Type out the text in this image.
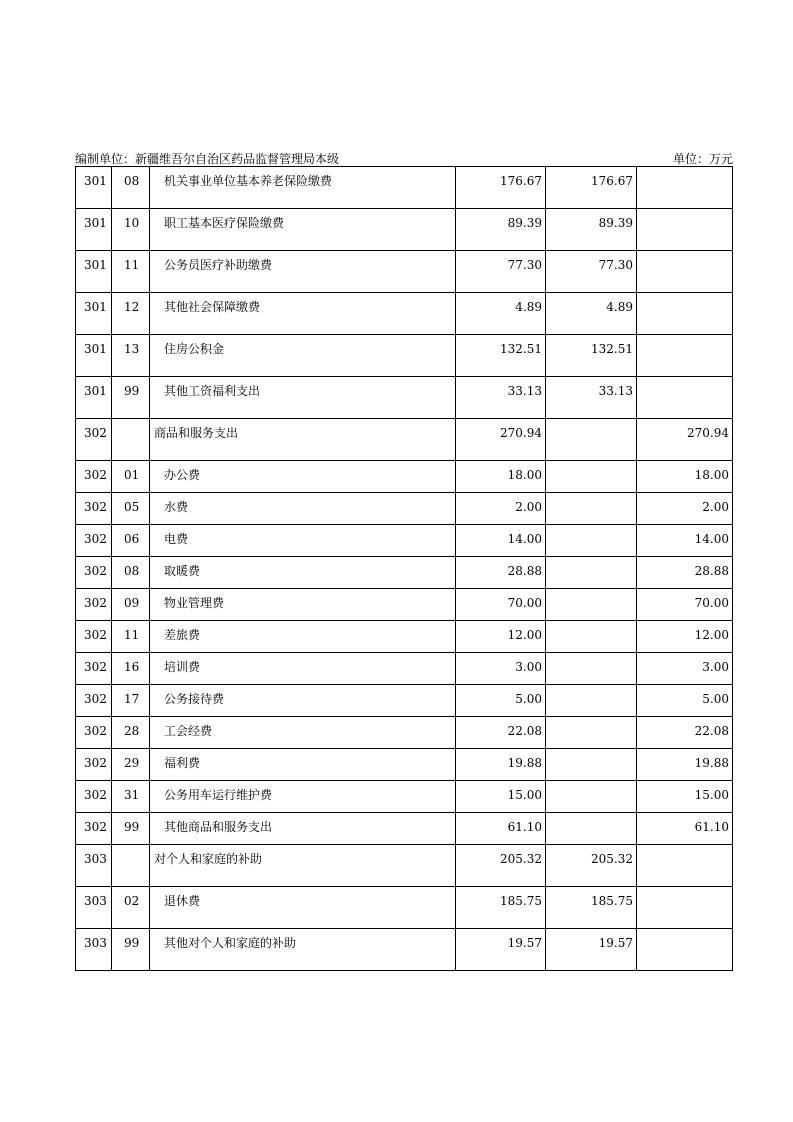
编制单位：新疆维吾尔自治区药品监督管理局本级	单位：万元
301	08	机关事业单位基本养老保险缴费	176.67	176.67	
301	10	职工基本医疗保险缴费	89.39	89.39	
301	11	公务员医疗补助缴费	77.30	77.30	
301	12	其他社会保障缴费	4.89	4.89	
301	13	住房公积金	132.51	132.51	
301	99	其他工资福利支出	33.13	33.13	
302		商品和服务支出	270.94		270.94
302	01	办公费	18.00		18.00
302	05	水费	2.00		2.00
302	06	电费	14.00		14.00
302	08	取暖费	28.88		28.88
302	09	物业管理费	70.00		70.00
302	11	差旅费	12.00		12.00
302	16	培训费	3.00		3.00
302	17	公务接待费	5.00		5.00
302	28	工会经费	22.08		22.08
302	29	福利费	19.88		19.88
302	31	公务用车运行维护费	15.00		15.00
302	99	其他商品和服务支出	61.10		61.10
303		对个人和家庭的补助	205.32	205.32	
303	02	退休费	185.75	185.75	
303	99	其他对个人和家庭的补助	19.57	19.57	
